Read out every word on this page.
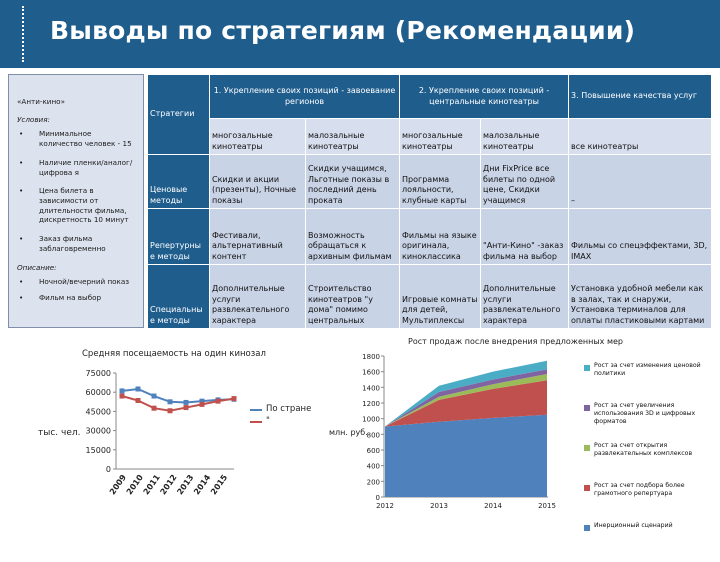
Выводы по стратегиям (Рекомендации)
«Анти-кино»
Условия:
• Минимальное количество человек - 15
• Наличие пленки/аналог/цифрова я
• Цена билета в зависимости от длительности фильма, дискретность 10 минут
• Заказ фильма заблаговременно
Описание:
• Ночной/вечерний показ
• Фильм на выбор
Стратегии	1. Укрепление своих позиций - завоевание регионов		2. Укрепление своих позиций - центральные кинотеатры		3. Повышение качества услуг
	многозальные кинотеатры	малозальные кинотеатры	многозальные кинотеатры	малозальные кинотеатры	все кинотеатры
Ценовые методы	Скидки и акции (презенты), Ночные показы	Скидки учащимся, Льготные показы в последний день проката	Программа лояльности, клубные карты	Дни FixPrice все билеты по одной цене, Скидки учащимся	–
Репертурны е методы	Фестивали, альтернативный контент	Возможность обращаться к архивным фильмам	Фильмы на языке оригинала, киноклассика	"Анти-Кино" -заказ фильма на выбор	Фильмы со спецэффектами, 3D, IMAX
Специальны е методы	Дополнительные услуги развлекательного характера	Строительство кинотеатров "у дома" помимо центральных	Игровые комнаты для детей, Мультиплексы	Дополнительные услуги развлекательного характера	Установка удобной мебели как в залах, так и снаружи, Установка терминалов для оплаты пластиковыми картами
Средняя посещаемость на один кинозал
тыс. чел.
0
15000
30000
45000
60000
75000
2009
2010
2011
2012
2013
2014
2015
По стране
"
Рост продаж после внедрения предложенных мер
млн. руб.
0
200
400
600
800
1000
1200
1400
1600
1800
2012	2013	2014	2015
Рост за счет изменения ценовой политики
Рост за счет увеличения использования 3D и цифровых форматов
Рост за счет открытия развлекательных комплексов
Рост за счет подбора более грамотного репертуара
Инерционный сценарий
